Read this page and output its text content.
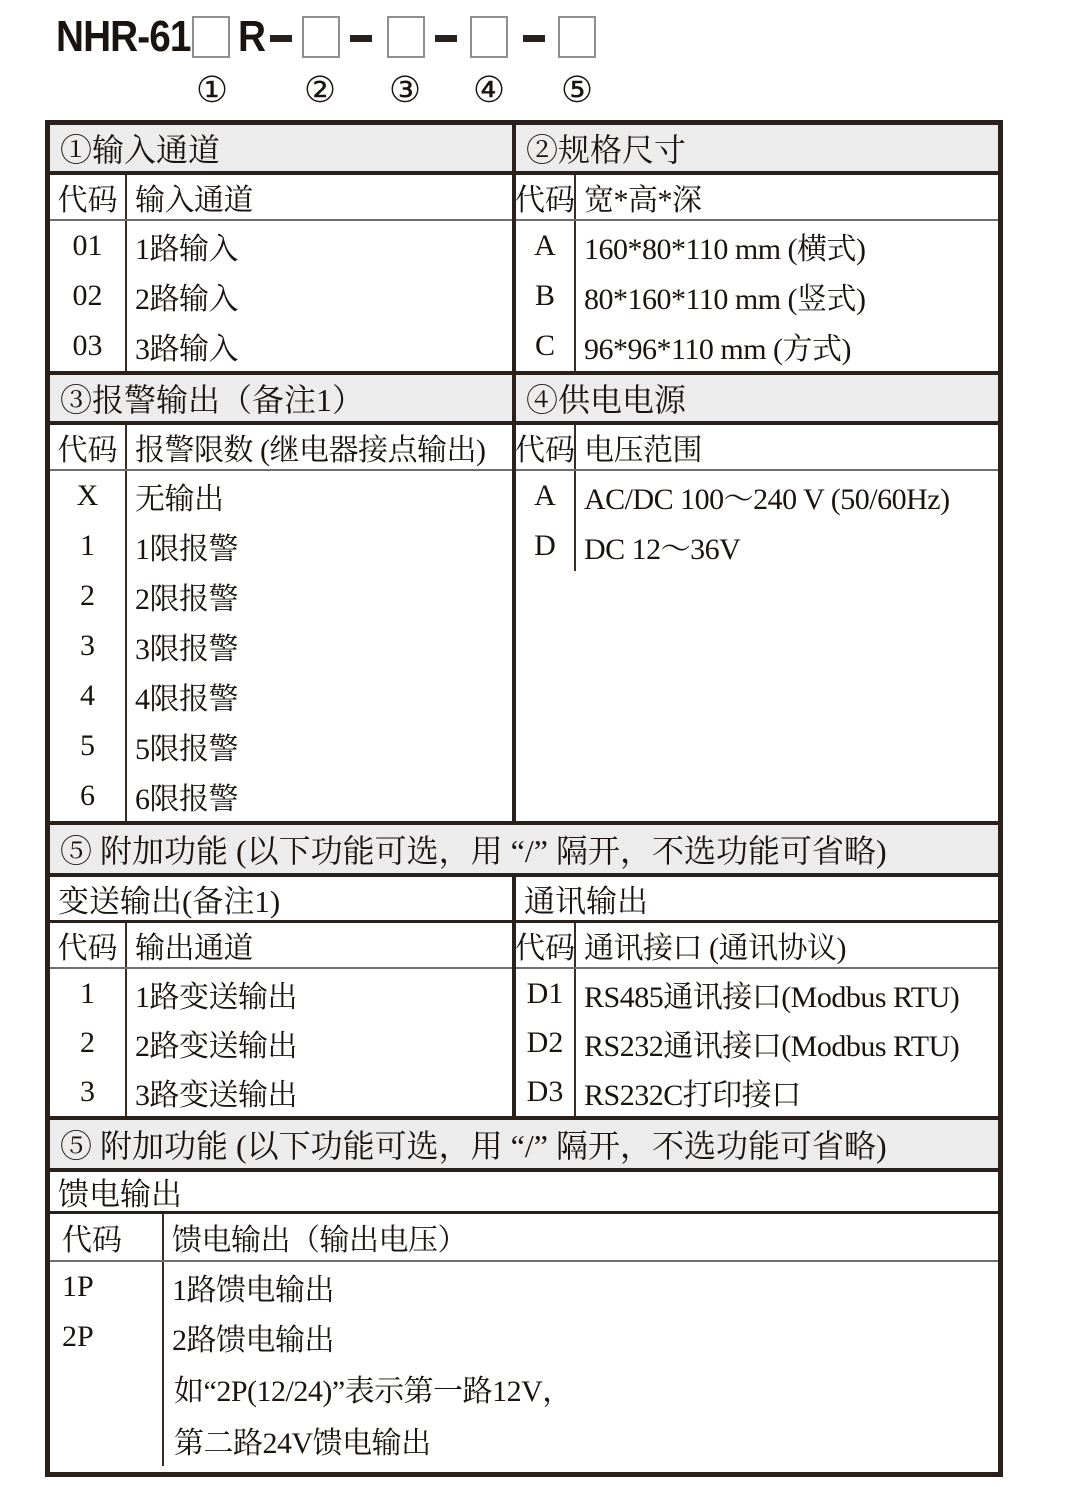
NHR-61 R
①	②	③	④	⑤
①输入通道	②规格尺寸
代码 输入通道
01	1路输入
02	2路输入
03	3路输入
代码 宽*高*深
A 160*80*110 mm (横式)
B 80*160*110 mm (竖式)
C 96*96*110 mm (方式)
③报警输出（备注1）	④供电电源
代码 报警限数 (继电器接点输出)
X	无输出
1	1限报警
2	2限报警
3	3限报警
4	4限报警
5	5限报警
6	6限报警
代码 电压范围
A AC/DC 100～240 V (50/60Hz)
D DC 12～36V
⑤ 附加功能 (以下功能可选，用 “/” 隔开，不选功能可省略)
变送输出(备注1)
代码 输出通道
1	1路变送输出
2	2路变送输出
3	3路变送输出
通讯输出
代码 通讯接口 (通讯协议)
D1 RS485通讯接口(Modbus RTU)
D2 RS232通讯接口(Modbus RTU)
D3 RS232C打印接口
⑤ 附加功能 (以下功能可选，用 “/” 隔开，不选功能可省略)
馈电输出
代码	馈电输出（输出电压）
1P	1路馈电输出
2P	2路馈电输出
如“2P(12/24)”表示第一路12V，
第二路24V馈电输出
